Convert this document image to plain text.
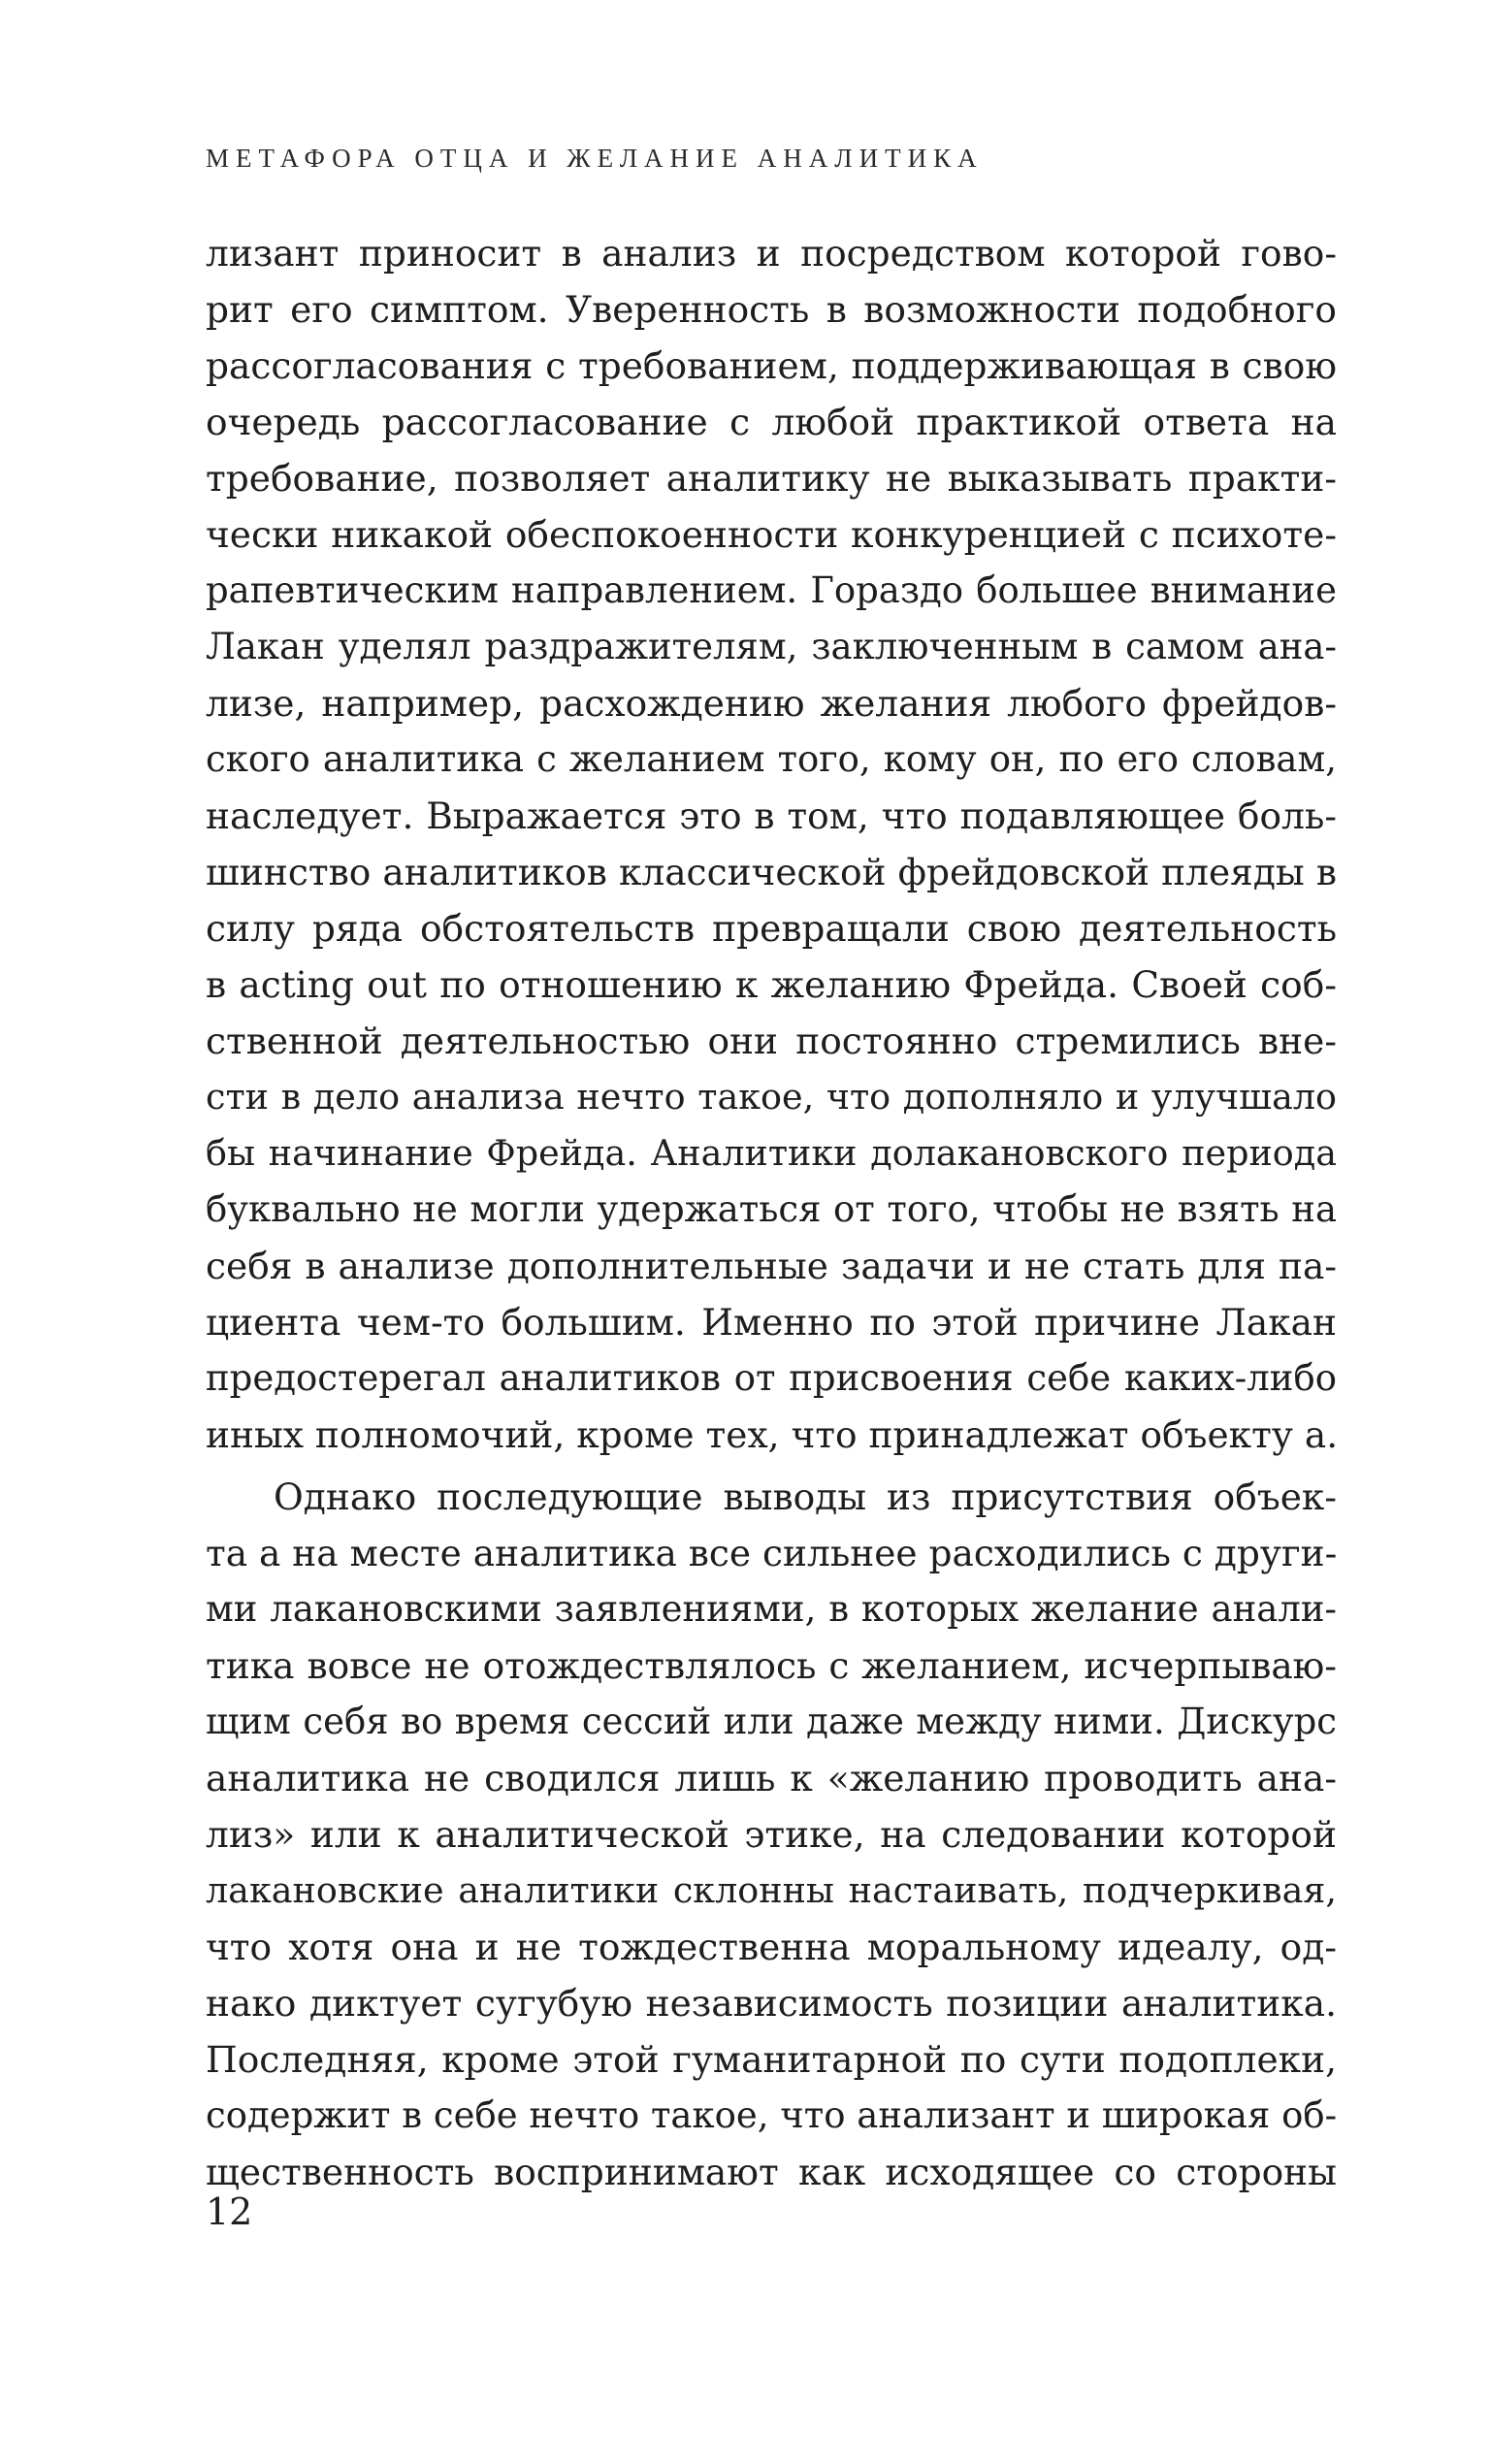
МЕТАФОРА ОТЦА И ЖЕЛАНИЕ АНАЛИТИКА
лизант приносит в анализ и посредством которой гово-
рит его симптом. Уверенность в возможности подобного
рассогласования с требованием, поддерживающая в свою
очередь рассогласование с любой практикой ответа на
требование, позволяет аналитику не выказывать практи-
чески никакой обеспокоенности конкуренцией с психоте-
рапевтическим направлением. Гораздо большее внимание
Лакан уделял раздражителям, заключенным в самом ана-
лизе, например, расхождению желания любого фрейдов-
ского аналитика с желанием того, кому он, по его словам,
наследует. Выражается это в том, что подавляющее боль-
шинство аналитиков классической фрейдовской плеяды в
силу ряда обстоятельств превращали свою деятельность
в acting out по отношению к желанию Фрейда. Своей соб-
ственной деятельностью они постоянно стремились вне-
сти в дело анализа нечто такое, что дополняло и улучшало
бы начинание Фрейда. Аналитики долакановского периода
буквально не могли удержаться от того, чтобы не взять на
себя в анализе дополнительные задачи и не стать для па-
циента чем-то большим. Именно по этой причине Лакан
предостерегал аналитиков от присвоения себе каких-либо
иных полномочий, кроме тех, что принадлежат объекту а.
Однако последующие выводы из присутствия объек-
та а на месте аналитика все сильнее расходились с други-
ми лакановскими заявлениями, в которых желание анали-
тика вовсе не отождествлялось с желанием, исчерпываю-
щим себя во время сессий или даже между ними. Дискурс
аналитика не сводился лишь к «желанию проводить ана-
лиз» или к аналитической этике, на следовании которой
лакановские аналитики склонны настаивать, подчеркивая,
что хотя она и не тождественна моральному идеалу, од-
нако диктует сугубую независимость позиции аналитика.
Последняя, кроме этой гуманитарной по сути подоплеки,
содержит в себе нечто такое, что анализант и широкая об-
щественность воспринимают как исходящее со стороны
12
